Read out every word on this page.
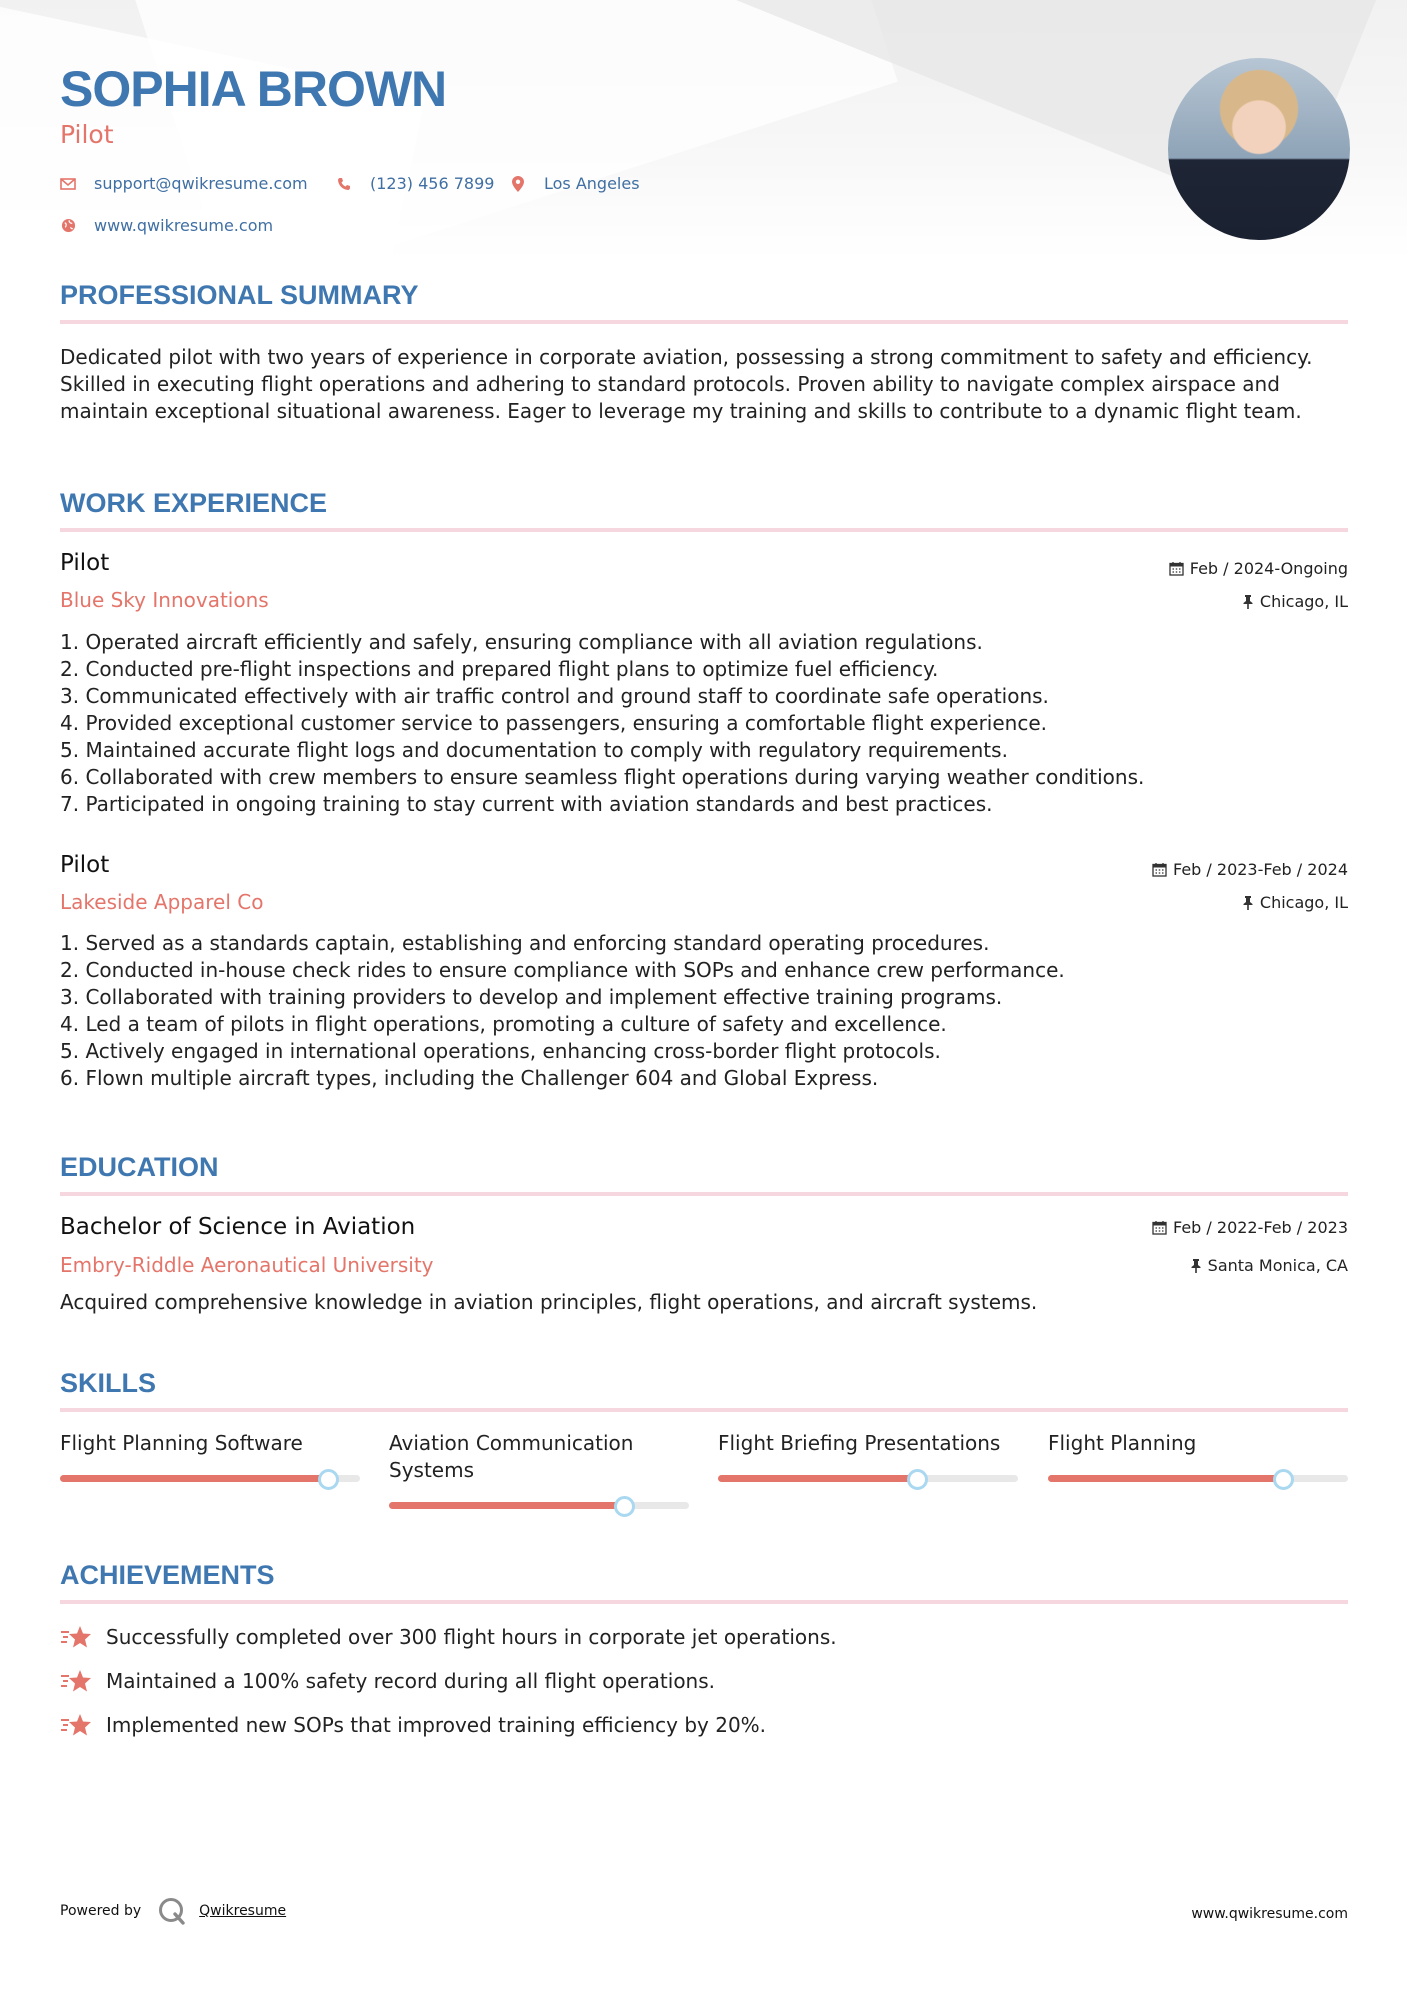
SOPHIA BROWN
Pilot
support@qwikresume.com	(123) 456 7899	Los Angeles
www.qwikresume.com
PROFESSIONAL SUMMARY
Dedicated pilot with two years of experience in corporate aviation, possessing a strong commitment to safety and efficiency. Skilled in executing flight operations and adhering to standard protocols. Proven ability to navigate complex airspace and maintain exceptional situational awareness. Eager to leverage my training and skills to contribute to a dynamic flight team.
WORK EXPERIENCE
Pilot
Blue Sky Innovations
Feb / 2024-Ongoing
Chicago, IL
1. Operated aircraft efficiently and safely, ensuring compliance with all aviation regulations.
2. Conducted pre-flight inspections and prepared flight plans to optimize fuel efficiency.
3. Communicated effectively with air traffic control and ground staff to coordinate safe operations.
4. Provided exceptional customer service to passengers, ensuring a comfortable flight experience.
5. Maintained accurate flight logs and documentation to comply with regulatory requirements.
6. Collaborated with crew members to ensure seamless flight operations during varying weather conditions.
7. Participated in ongoing training to stay current with aviation standards and best practices.
Pilot
Lakeside Apparel Co
Feb / 2023-Feb / 2024
Chicago, IL
1. Served as a standards captain, establishing and enforcing standard operating procedures.
2. Conducted in-house check rides to ensure compliance with SOPs and enhance crew performance.
3. Collaborated with training providers to develop and implement effective training programs.
4. Led a team of pilots in flight operations, promoting a culture of safety and excellence.
5. Actively engaged in international operations, enhancing cross-border flight protocols.
6. Flown multiple aircraft types, including the Challenger 604 and Global Express.
EDUCATION
Bachelor of Science in Aviation
Embry-Riddle Aeronautical University
Feb / 2022-Feb / 2023
Santa Monica, CA
Acquired comprehensive knowledge in aviation principles, flight operations, and aircraft systems.
SKILLS
Flight Planning Software	Aviation Communication Systems
Flight Briefing Presentations	Flight Planning
ACHIEVEMENTS
Successfully completed over 300 flight hours in corporate jet operations.
Maintained a 100% safety record during all flight operations.
Implemented new SOPs that improved training efficiency by 20%.
Powered by	Qwikresume	www.qwikresume.com
